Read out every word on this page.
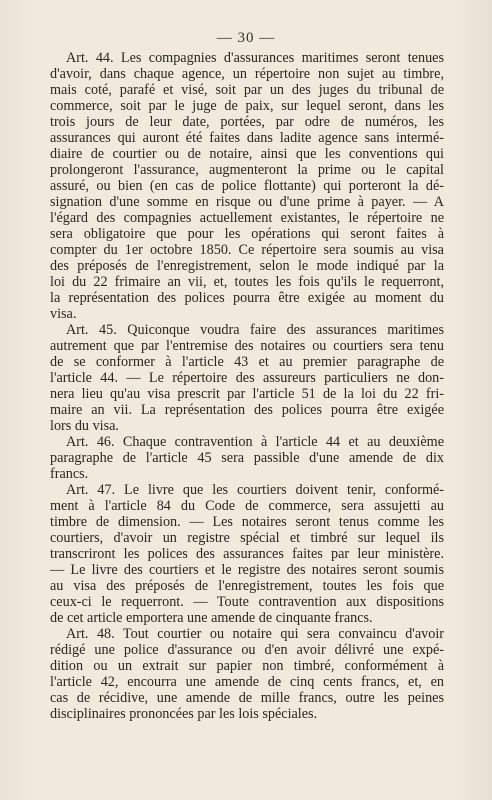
— 30 —
Art. 44. Les compagnies d'assurances maritimes seront tenues
d'avoir, dans chaque agence, un répertoire non sujet au timbre,
mais coté, parafé et visé, soit par un des juges du tribunal de
commerce, soit par le juge de paix, sur lequel seront, dans les
trois jours de leur date, portées, par odre de numéros, les
assurances qui auront été faites dans ladite agence sans intermé-
diaire de courtier ou de notaire, ainsi que les conventions qui
prolongeront l'assurance, augmenteront la prime ou le capital
assuré, ou bien (en cas de police flottante) qui porteront la dé-
signation d'une somme en risque ou d'une prime à payer. — A
l'égard des compagnies actuellement existantes, le répertoire ne
sera obligatoire que pour les opérations qui seront faites à
compter du 1er octobre 1850. Ce répertoire sera soumis au visa
des préposés de l'enregistrement, selon le mode indiqué par la
loi du 22 frimaire an vii, et, toutes les fois qu'ils le requerront,
la représentation des polices pourra être exigée au moment du
visa.
Art. 45. Quiconque voudra faire des assurances maritimes
autrement que par l'entremise des notaires ou courtiers sera tenu
de se conformer à l'article 43 et au premier paragraphe de
l'article 44. — Le répertoire des assureurs particuliers ne don-
nera lieu qu'au visa prescrit par l'article 51 de la loi du 22 fri-
maire an vii. La représentation des polices pourra être exigée
lors du visa.
Art. 46. Chaque contravention à l'article 44 et au deuxième
paragraphe de l'article 45 sera passible d'une amende de dix
francs.
Art. 47. Le livre que les courtiers doivent tenir, conformé-
ment à l'article 84 du Code de commerce, sera assujetti au
timbre de dimension. — Les notaires seront tenus comme les
courtiers, d'avoir un registre spécial et timbré sur lequel ils
transcriront les polices des assurances faites par leur ministère.
— Le livre des courtiers et le registre des notaires seront soumis
au visa des préposés de l'enregistrement, toutes les fois que
ceux-ci le requerront. — Toute contravention aux dispositions
de cet article emportera une amende de cinquante francs.
Art. 48. Tout courtier ou notaire qui sera convaincu d'avoir
rédigé une police d'assurance ou d'en avoir délivré une expé-
dition ou un extrait sur papier non timbré, conformément à
l'article 42, encourra une amende de cinq cents francs, et, en
cas de récidive, une amende de mille francs, outre les peines
disciplinaires prononcées par les lois spéciales.
